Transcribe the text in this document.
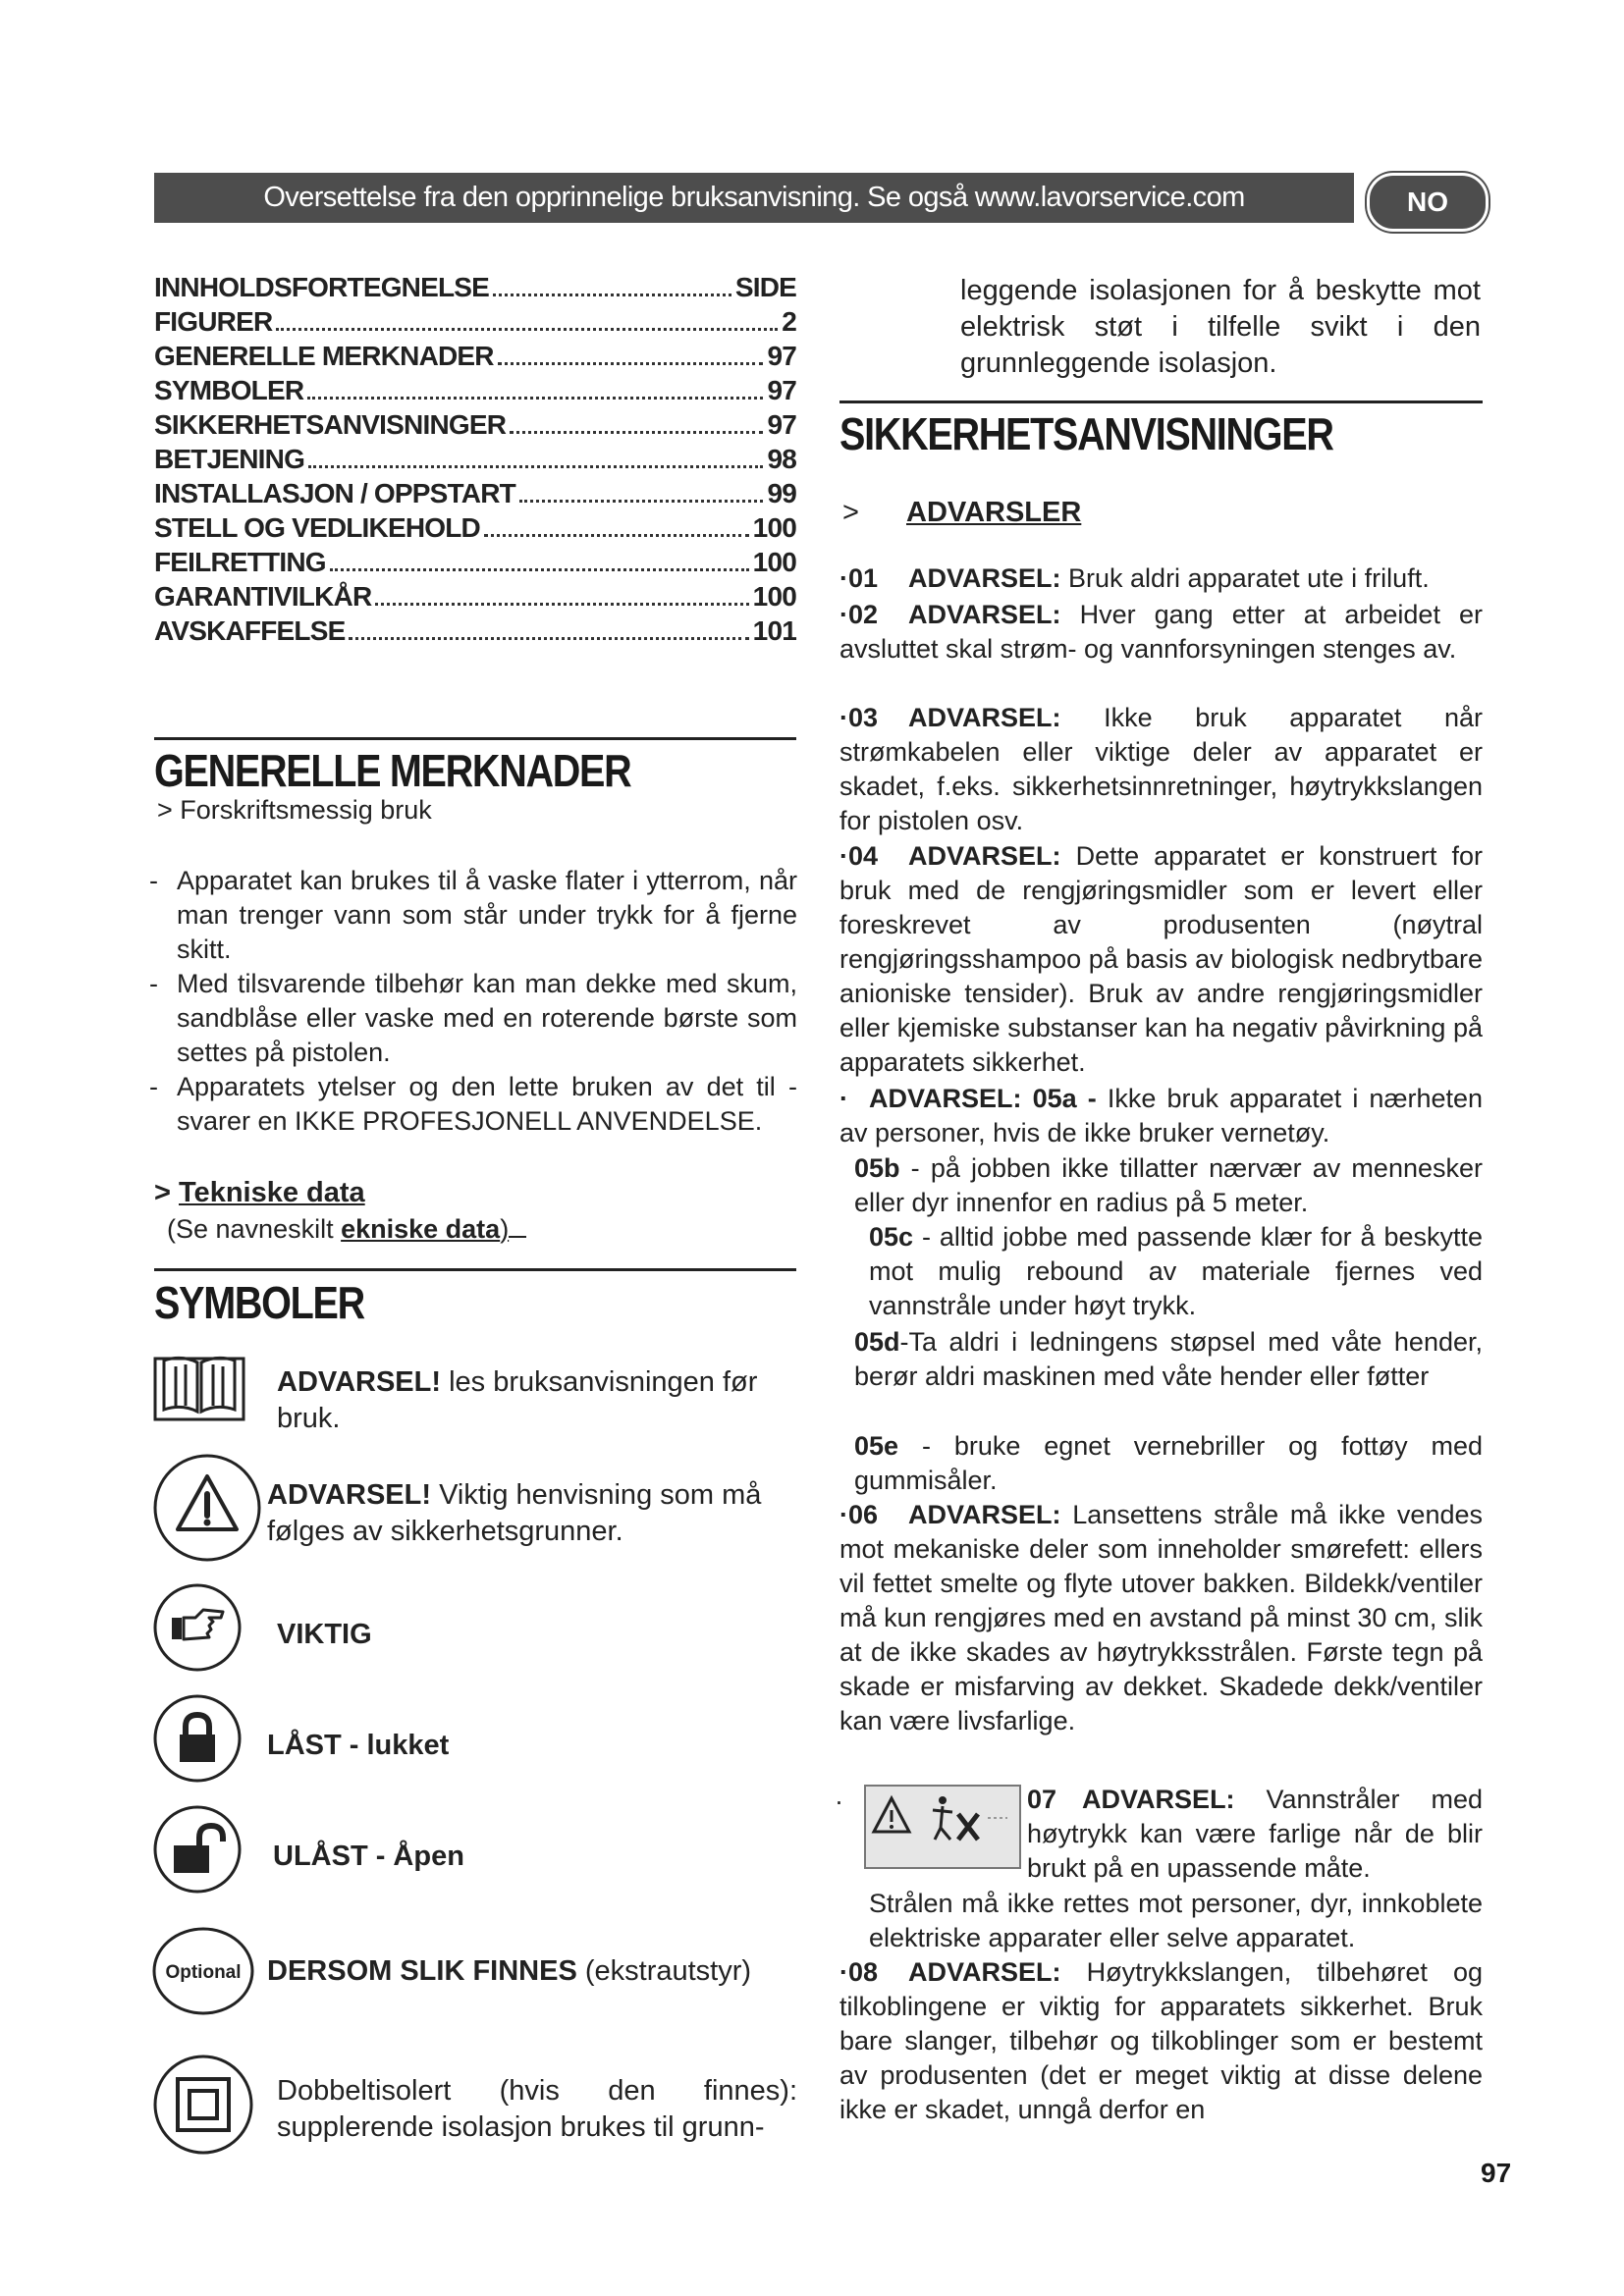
Oversettelse fra den opprinnelige bruksanvisning. Se også www.lavorservice.com	NO
INNHOLDSFORTEGNELSE	SIDE
FIGURER	2
GENERELLE MERKNADER	97
SYMBOLER	97
SIKKERHETSANVISNINGER	97
BETJENING	98
INSTALLASJON / OPPSTART	99
STELL OG VEDLIKEHOLD	100
FEILRETTING	100
GARANTIVILKÅR	100
AVSKAFFELSE	101
GENERELLE MERKNADER
> Forskriftsmessig bruk
- Apparatet kan brukes til å vaske flater i ytterrom, når man trenger vann som står under trykk for å fjerne skitt.
- Med tilsvarende tilbehør kan man dekke med skum, sandblåse eller vaske med en roterende børste som settes på pistolen.
- Apparatets ytelser og den lette bruken av det til - svarer en IKKE PROFESJONELL ANVENDELSE.
> Tekniske data
(Se navneskilt ekniske data)
SYMBOLER
ADVARSEL! les bruksanvisningen før bruk.
ADVARSEL! Viktig henvisning som må følges av sikkerhetsgrunner.
VIKTIG
LÅST - lukket
ULÅST - Åpen
Optional DERSOM SLIK FINNES (ekstrautstyr)
Dobbeltisolert (hvis den finnes): supplerende isolasjon brukes til grunn-
leggende isolasjonen for å beskytte mot elektrisk støt i tilfelle svikt i den grunnleggende isolasjon.
SIKKERHETSANVISNINGER
> ADVARSLER
·01 ADVARSEL: Bruk aldri apparatet ute i friluft.
·02 ADVARSEL: Hver gang etter at arbeidet er avsluttet skal strøm- og vannforsyningen stenges av.
·03 ADVARSEL: Ikke bruk apparatet når strømkabelen eller viktige deler av apparatet er skadet, f.eks. sikkerhetsinnretninger, høytrykkslangen for pistolen osv.
·04 ADVARSEL: Dette apparatet er konstruert for bruk med de rengjøringsmidler som er levert eller foreskrevet av produsenten (nøytral rengjøringsshampoo på basis av biologisk nedbrytbare anioniske tensider). Bruk av andre rengjøringsmidler eller kjemiske substanser kan ha negativ påvirkning på apparatets sikkerhet.
· ADVARSEL: 05a - Ikke bruk apparatet i nærheten av personer, hvis de ikke bruker vernetøy.
05b - på jobben ikke tillatter nærvær av mennesker eller dyr innenfor en radius på 5 meter.
05c - alltid jobbe med passende klær for å beskytte mot mulig rebound av materiale fjernes ved vannstråle under høyt trykk.
05d-Ta aldri i ledningens støpsel med våte hender, berør aldri maskinen med våte hender eller føtter
05e - bruke egnet vernebriller og fottøy med gummisåler.
·06 ADVARSEL: Lansettens stråle må ikke vendes mot mekaniske deler som inneholder smørefett: ellers vil fettet smelte og flyte utover bakken. Bildekk/ventiler må kun rengjøres med en avstand på minst 30 cm, slik at de ikke skades av høytrykksstrålen. Første tegn på skade er misfarving av dekket. Skadede dekk/ventiler kan være livsfarlige.
·	07 ADVARSEL: Vannstråler med høytrykk kan være farlige når de blir brukt på en upassende måte.
Strålen må ikke rettes mot personer, dyr, innkoblete elektriske apparater eller selve apparatet.
·08 ADVARSEL: Høytrykkslangen, tilbehøret og tilkoblingene er viktig for apparatets sikkerhet. Bruk bare slanger, tilbehør og tilkoblinger som er bestemt av produsenten (det er meget viktig at disse delene ikke er skadet, unngå derfor en
97
